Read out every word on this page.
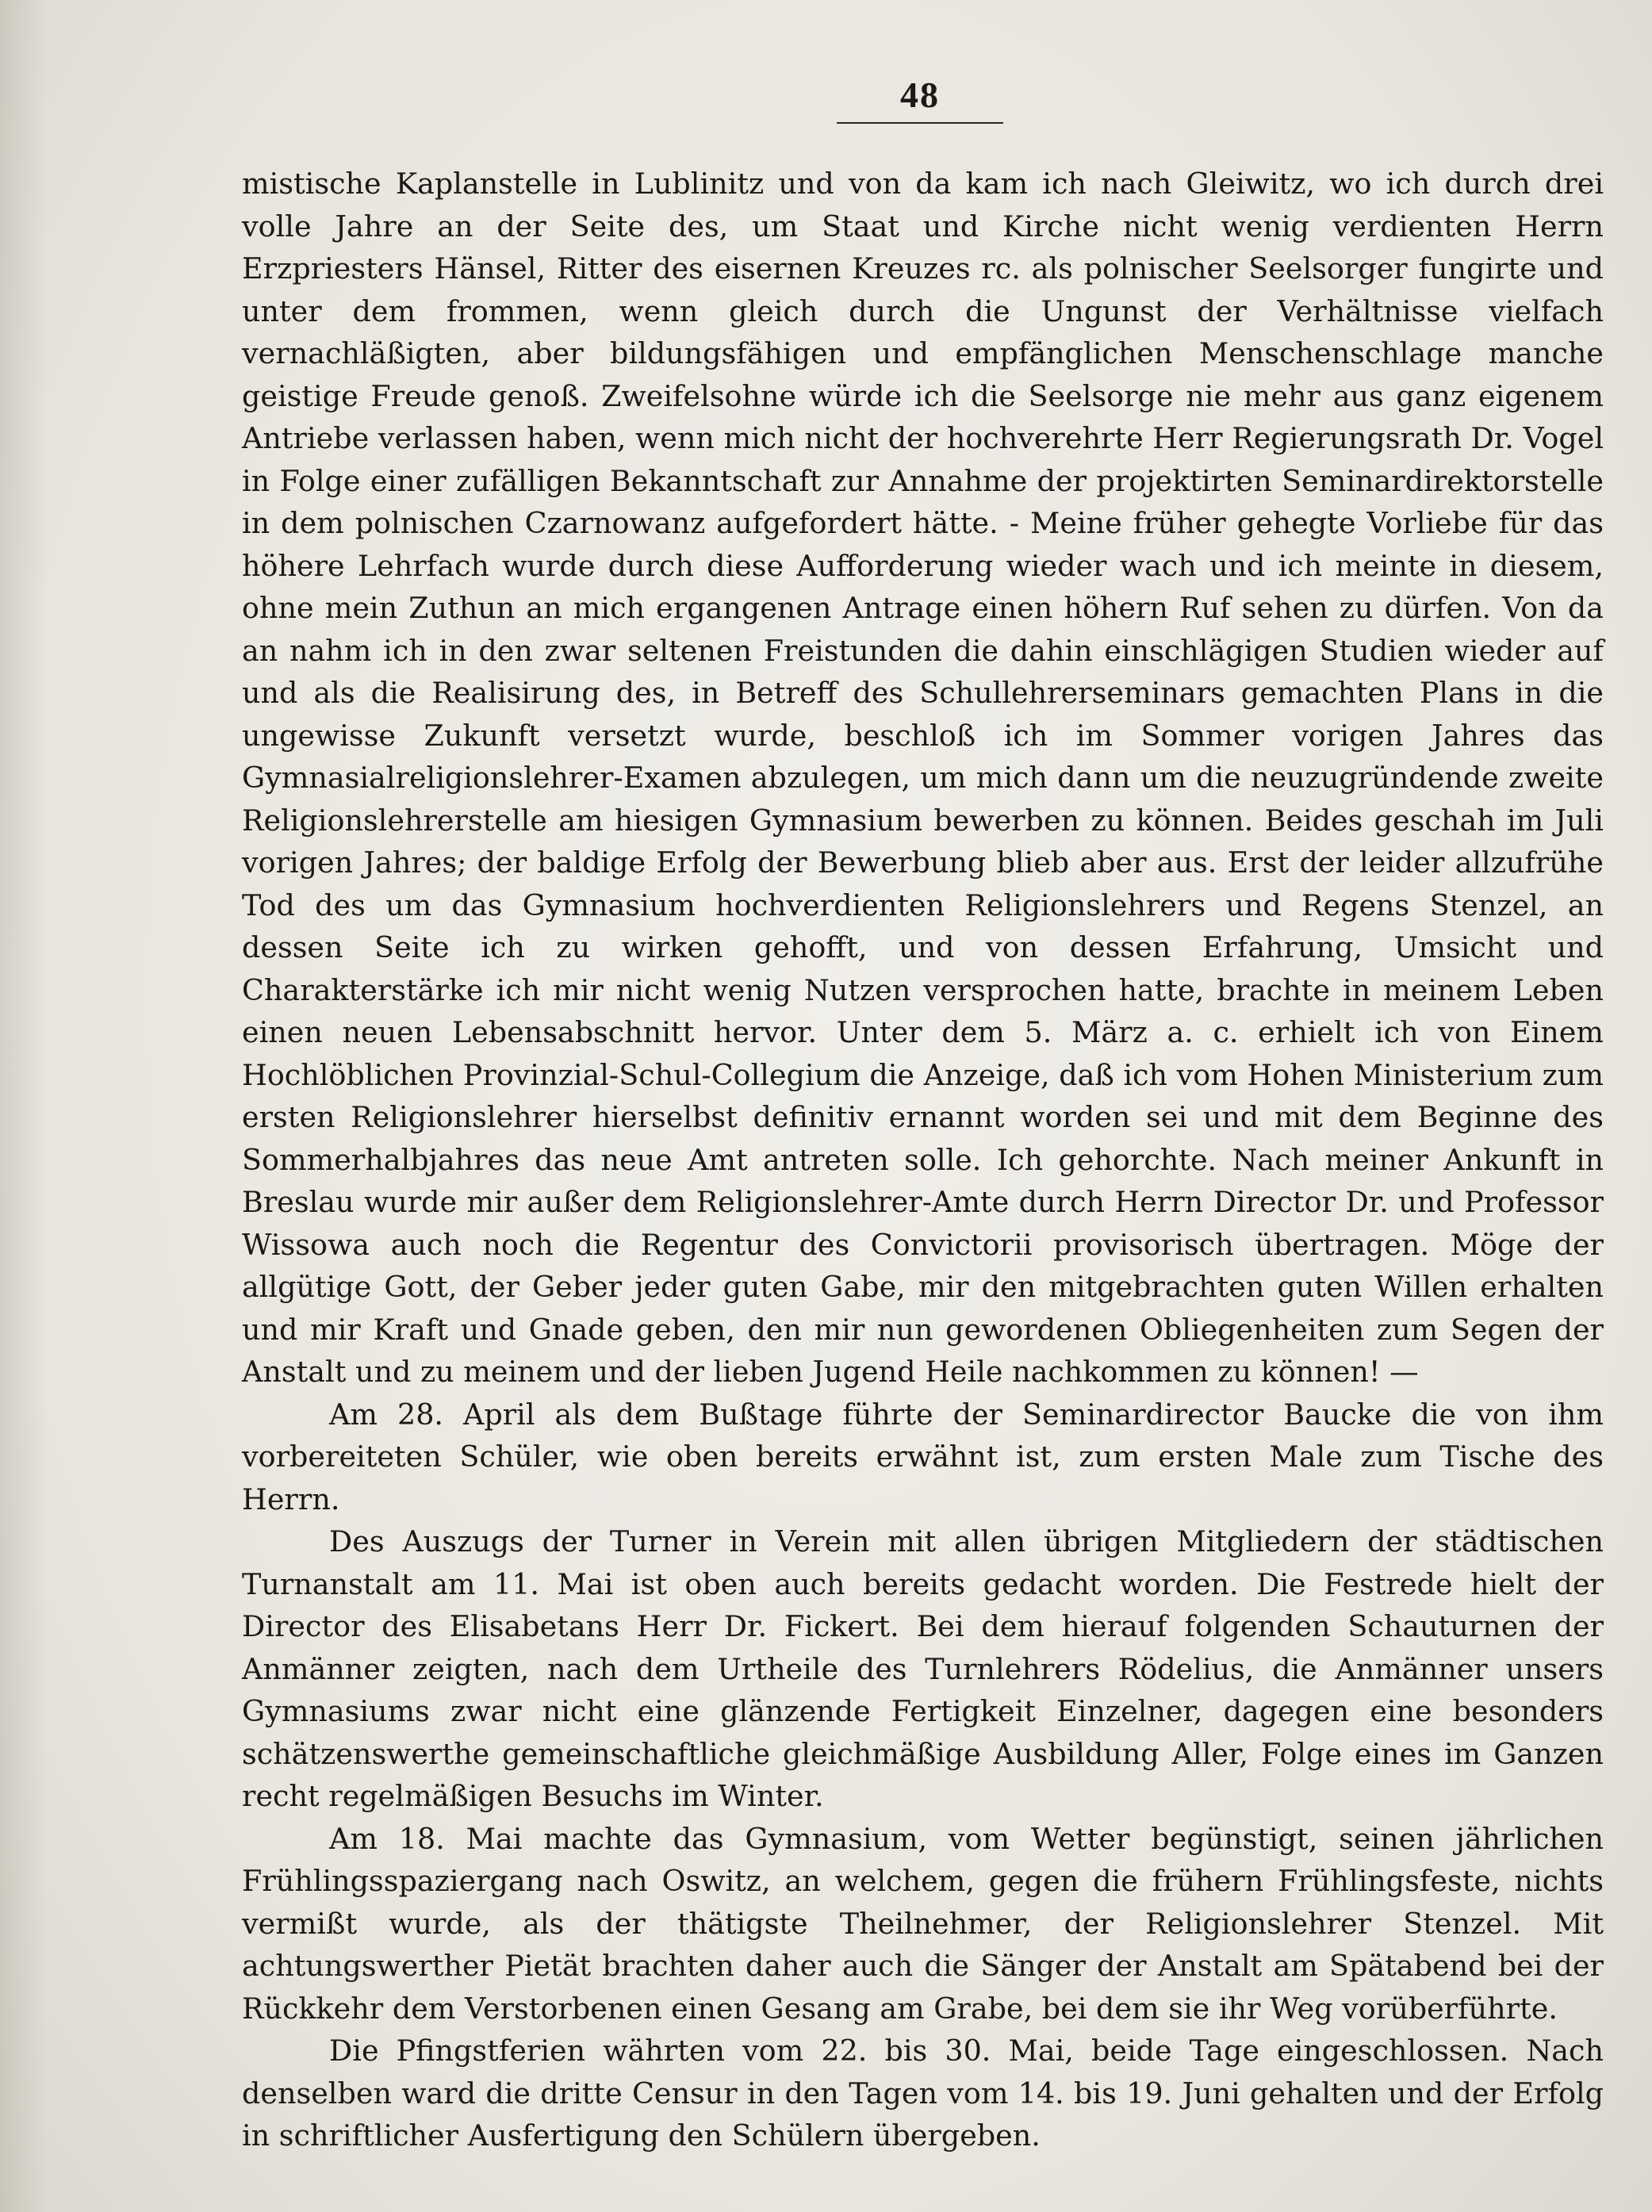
48

mistische Kaplanstelle in Lublinitz und von da kam ich nach Gleiwitz, wo ich durch drei volle Jahre an der Seite des, um Staat und Kirche nicht wenig verdienten Herrn Erzpriesters Hänsel, Ritter des eisernen Kreuzes rc. als polnischer Seelsorger fungirte und unter dem frommen, wenn gleich durch die Ungunst der Verhältnisse vielfach vernachläßigten, aber bildungsfähigen und empfänglichen Menschenschlage manche geistige Freude genoß. Zweifelsohne würde ich die Seelsorge nie mehr aus ganz eigenem Antriebe verlassen haben, wenn mich nicht der hochverehrte Herr Regierungsrath Dr. Vogel in Folge einer zufälligen Bekanntschaft zur Annahme der projektirten Seminardirektorstelle in dem polnischen Czarnowanz aufgefordert hätte. - Meine früher gehegte Vorliebe für das höhere Lehrfach wurde durch diese Aufforderung wieder wach und ich meinte in diesem, ohne mein Zuthun an mich ergangenen Antrage einen höhern Ruf sehen zu dürfen. Von da an nahm ich in den zwar seltenen Freistunden die dahin einschlägigen Studien wieder auf und als die Realisirung des, in Betreff des Schullehrerseminars gemachten Plans in die ungewisse Zukunft versetzt wurde, beschloß ich im Sommer vorigen Jahres das Gymnasialreligionslehrer-Examen abzulegen, um mich dann um die neuzugründende zweite Religionslehrerstelle am hiesigen Gymnasium bewerben zu können. Beides geschah im Juli vorigen Jahres; der baldige Erfolg der Bewerbung blieb aber aus. Erst der leider allzufrühe Tod des um das Gymnasium hochverdienten Religionslehrers und Regens Stenzel, an dessen Seite ich zu wirken gehofft, und von dessen Erfahrung, Umsicht und Charakterstärke ich mir nicht wenig Nutzen versprochen hatte, brachte in meinem Leben einen neuen Lebensabschnitt hervor. Unter dem 5. März a. c. erhielt ich von Einem Hochlöblichen Provinzial-Schul-Collegium die Anzeige, daß ich vom Hohen Ministerium zum ersten Religionslehrer hierselbst definitiv ernannt worden sei und mit dem Beginne des Sommerhalbjahres das neue Amt antreten solle. Ich gehorchte. Nach meiner Ankunft in Breslau wurde mir außer dem Religionslehrer-Amte durch Herrn Director Dr. und Professor Wissowa auch noch die Regentur des Convictorii provisorisch übertragen. Möge der allgütige Gott, der Geber jeder guten Gabe, mir den mitgebrachten guten Willen erhalten und mir Kraft und Gnade geben, den mir nun gewordenen Obliegenheiten zum Segen der Anstalt und zu meinem und der lieben Jugend Heile nachkommen zu können! —

Am 28. April als dem Bußtage führte der Seminardirector Baucke die von ihm vorbereiteten Schüler, wie oben bereits erwähnt ist, zum ersten Male zum Tische des Herrn.

Des Auszugs der Turner in Verein mit allen übrigen Mitgliedern der städtischen Turnanstalt am 11. Mai ist oben auch bereits gedacht worden. Die Festrede hielt der Director des Elisabetans Herr Dr. Fickert. Bei dem hierauf folgenden Schauturnen der Anmänner zeigten, nach dem Urtheile des Turnlehrers Rödelius, die Anmänner unsers Gymnasiums zwar nicht eine glänzende Fertigkeit Einzelner, dagegen eine besonders schätzenswerthe gemeinschaftliche gleichmäßige Ausbildung Aller, Folge eines im Ganzen recht regelmäßigen Besuchs im Winter.

Am 18. Mai machte das Gymnasium, vom Wetter begünstigt, seinen jährlichen Frühlingsspaziergang nach Oswitz, an welchem, gegen die frühern Frühlingsfeste, nichts vermißt wurde, als der thätigste Theilnehmer, der Religionslehrer Stenzel. Mit achtungswerther Pietät brachten daher auch die Sänger der Anstalt am Spätabend bei der Rückkehr dem Verstorbenen einen Gesang am Grabe, bei dem sie ihr Weg vorüberführte.

Die Pfingstferien währten vom 22. bis 30. Mai, beide Tage eingeschlossen. Nach denselben ward die dritte Censur in den Tagen vom 14. bis 19. Juni gehalten und der Erfolg in schriftlicher Ausfertigung den Schülern übergeben.
